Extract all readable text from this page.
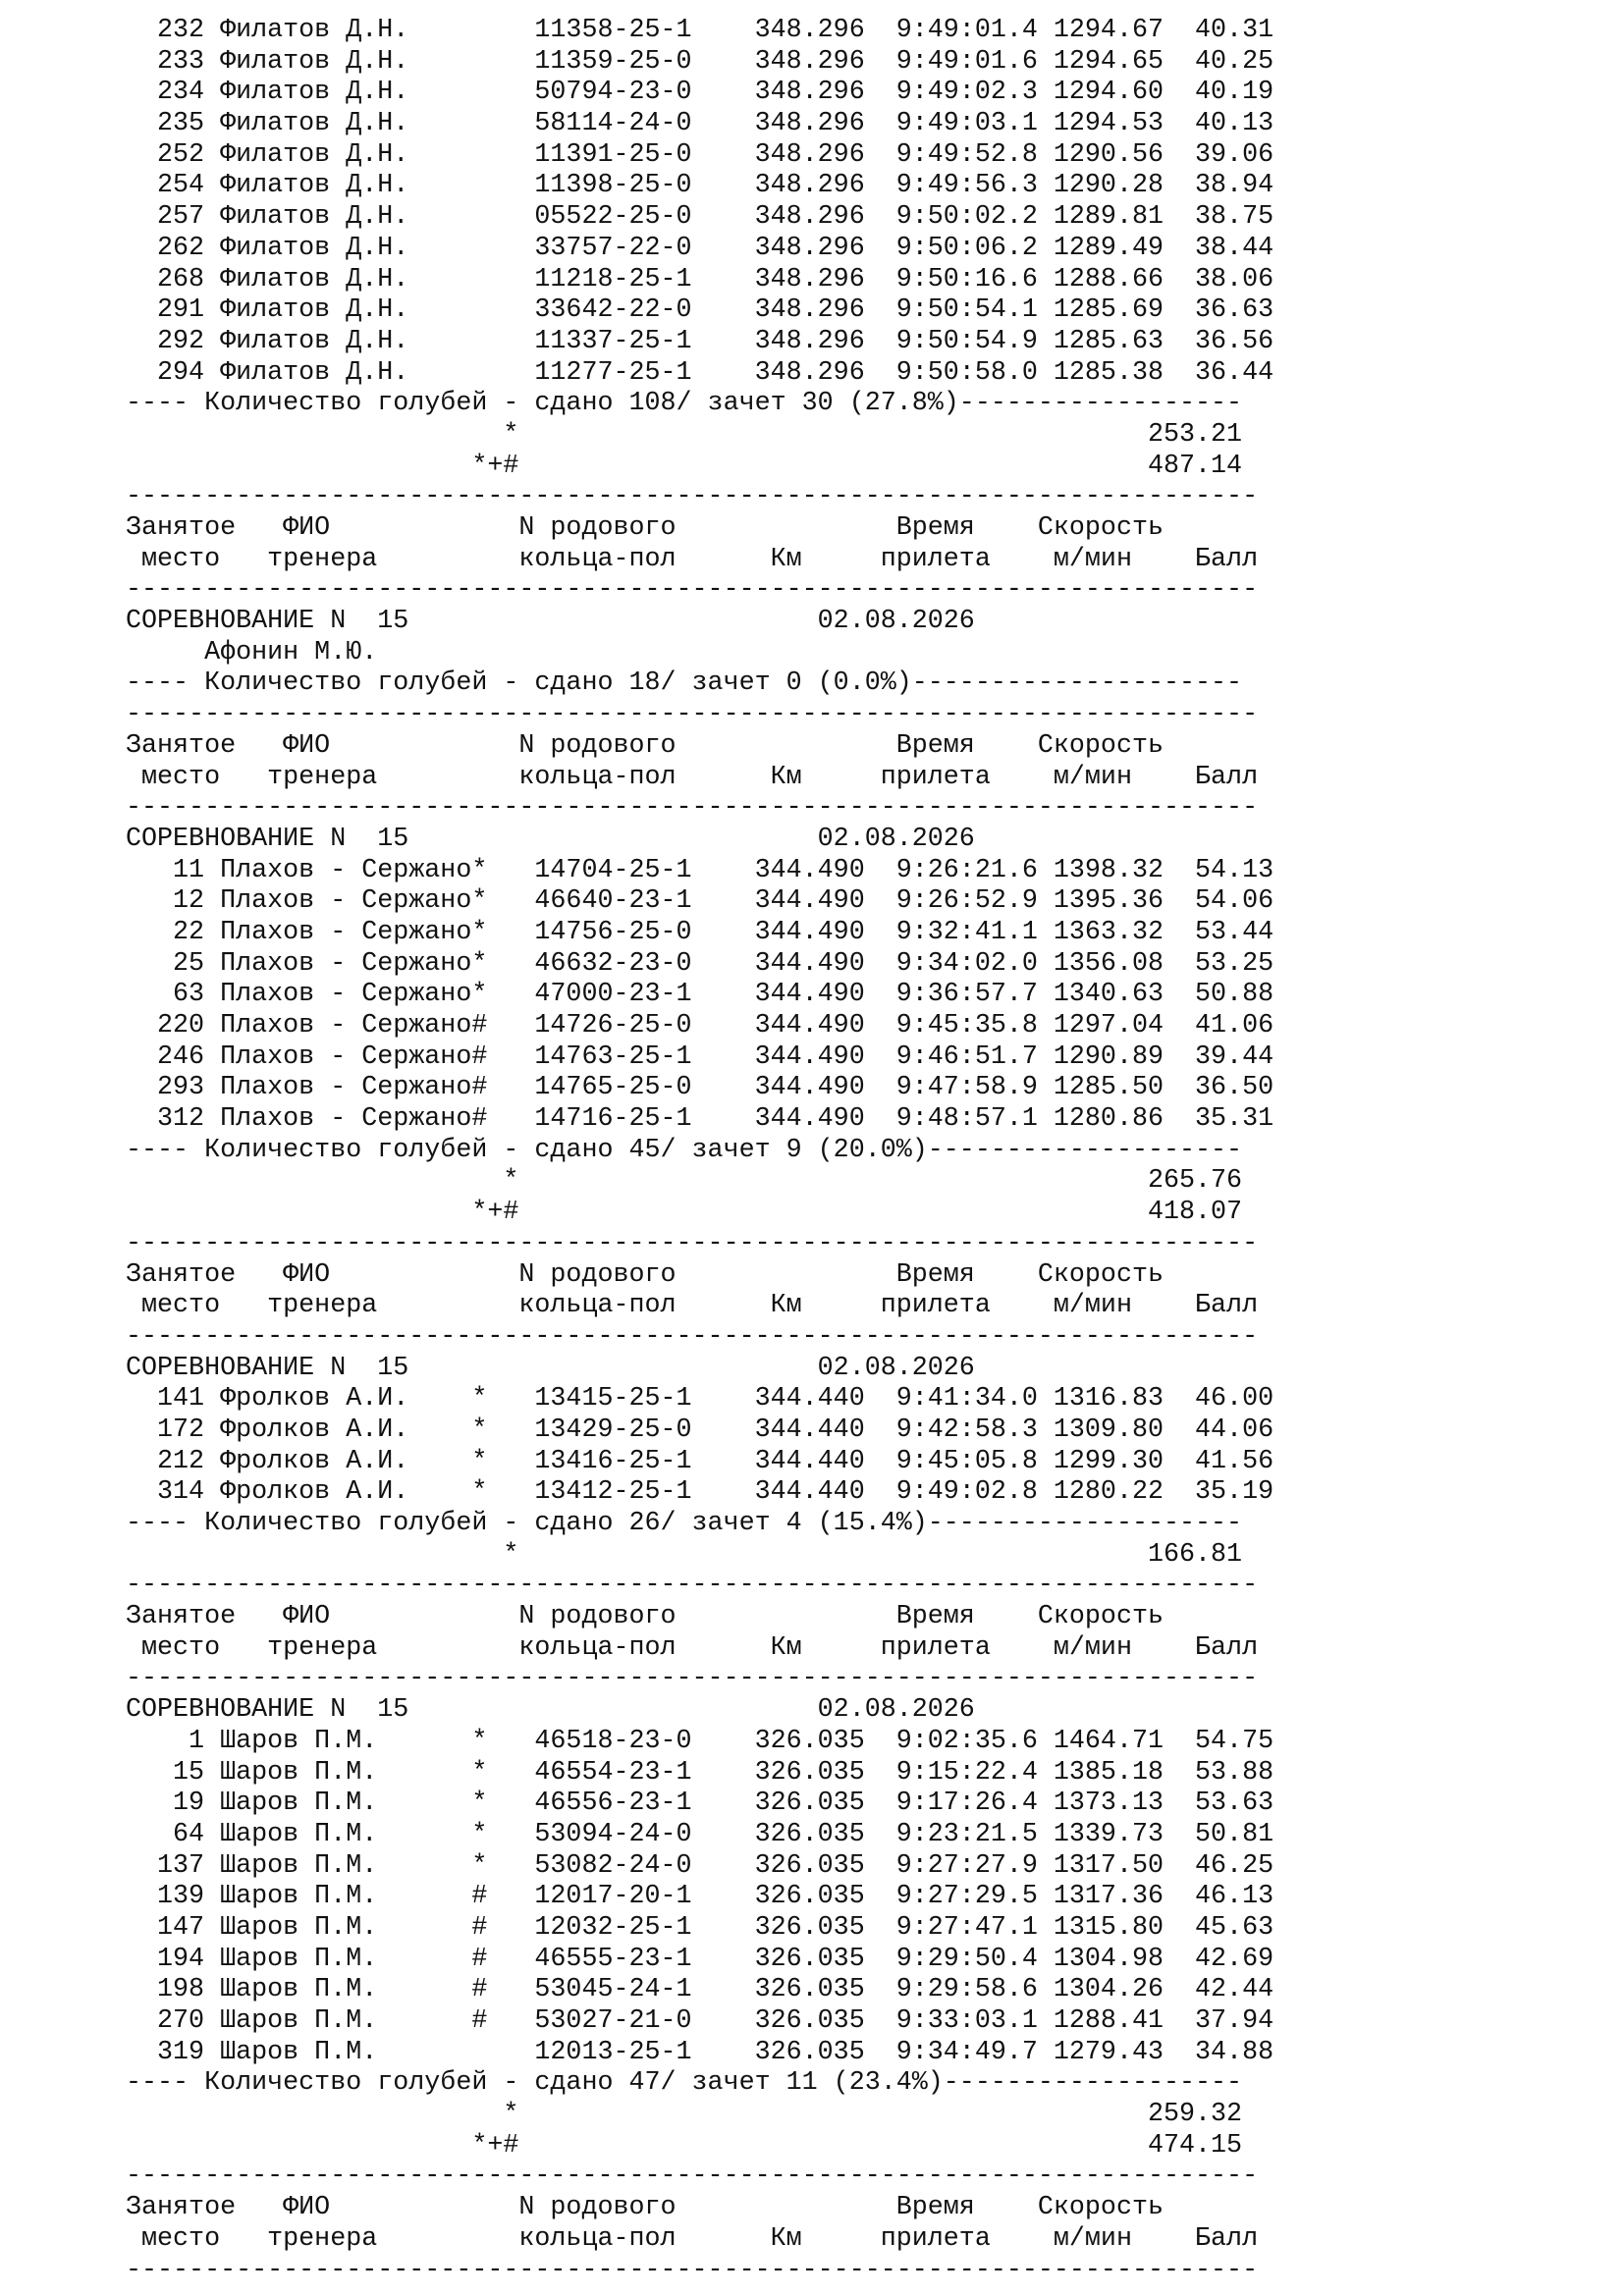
232 Филатов Д.Н.        11358-25-1    348.296  9:49:01.4 1294.67  40.31
233 Филатов Д.Н.        11359-25-0    348.296  9:49:01.6 1294.65  40.25
234 Филатов Д.Н.        50794-23-0    348.296  9:49:02.3 1294.60  40.19
235 Филатов Д.Н.        58114-24-0    348.296  9:49:03.1 1294.53  40.13
252 Филатов Д.Н.        11391-25-0    348.296  9:49:52.8 1290.56  39.06
254 Филатов Д.Н.        11398-25-0    348.296  9:49:56.3 1290.28  38.94
257 Филатов Д.Н.        05522-25-0    348.296  9:50:02.2 1289.81  38.75
262 Филатов Д.Н.        33757-22-0    348.296  9:50:06.2 1289.49  38.44
268 Филатов Д.Н.        11218-25-1    348.296  9:50:16.6 1288.66  38.06
291 Филатов Д.Н.        33642-22-0    348.296  9:50:54.1 1285.69  36.63
292 Филатов Д.Н.        11337-25-1    348.296  9:50:54.9 1285.63  36.56
294 Филатов Д.Н.        11277-25-1    348.296  9:50:58.0 1285.38  36.44
---- Количество голубей - сдано 108/ зачет 30 (27.8%)------------------
*                                        253.21
*+#                                        487.14
------------------------------------------------------------------------
Занятое   ФИО            N родового              Время    Скорость
место   тренера         кольца-пол      Км     прилета    м/мин    Балл
------------------------------------------------------------------------
СОРЕВНОВАНИЕ N  15                          02.08.2026
Афонин М.Ю.
---- Количество голубей - сдано 18/ зачет 0 (0.0%)---------------------
------------------------------------------------------------------------
Занятое   ФИО            N родового              Время    Скорость
место   тренера         кольца-пол      Км     прилета    м/мин    Балл
------------------------------------------------------------------------
СОРЕВНОВАНИЕ N  15                          02.08.2026
11 Плахов - Сержано*   14704-25-1    344.490  9:26:21.6 1398.32  54.13
12 Плахов - Сержано*   46640-23-1    344.490  9:26:52.9 1395.36  54.06
22 Плахов - Сержано*   14756-25-0    344.490  9:32:41.1 1363.32  53.44
25 Плахов - Сержано*   46632-23-0    344.490  9:34:02.0 1356.08  53.25
63 Плахов - Сержано*   47000-23-1    344.490  9:36:57.7 1340.63  50.88
220 Плахов - Сержано#   14726-25-0    344.490  9:45:35.8 1297.04  41.06
246 Плахов - Сержано#   14763-25-1    344.490  9:46:51.7 1290.89  39.44
293 Плахов - Сержано#   14765-25-0    344.490  9:47:58.9 1285.50  36.50
312 Плахов - Сержано#   14716-25-1    344.490  9:48:57.1 1280.86  35.31
---- Количество голубей - сдано 45/ зачет 9 (20.0%)--------------------
*                                        265.76
*+#                                        418.07
------------------------------------------------------------------------
Занятое   ФИО            N родового              Время    Скорость
место   тренера         кольца-пол      Км     прилета    м/мин    Балл
------------------------------------------------------------------------
СОРЕВНОВАНИЕ N  15                          02.08.2026
141 Фролков А.И.    *   13415-25-1    344.440  9:41:34.0 1316.83  46.00
172 Фролков А.И.    *   13429-25-0    344.440  9:42:58.3 1309.80  44.06
212 Фролков А.И.    *   13416-25-1    344.440  9:45:05.8 1299.30  41.56
314 Фролков А.И.    *   13412-25-1    344.440  9:49:02.8 1280.22  35.19
---- Количество голубей - сдано 26/ зачет 4 (15.4%)--------------------
*                                        166.81
------------------------------------------------------------------------
Занятое   ФИО            N родового              Время    Скорость
место   тренера         кольца-пол      Км     прилета    м/мин    Балл
------------------------------------------------------------------------
СОРЕВНОВАНИЕ N  15                          02.08.2026
1 Шаров П.М.      *   46518-23-0    326.035  9:02:35.6 1464.71  54.75
15 Шаров П.М.      *   46554-23-1    326.035  9:15:22.4 1385.18  53.88
19 Шаров П.М.      *   46556-23-1    326.035  9:17:26.4 1373.13  53.63
64 Шаров П.М.      *   53094-24-0    326.035  9:23:21.5 1339.73  50.81
137 Шаров П.М.      *   53082-24-0    326.035  9:27:27.9 1317.50  46.25
139 Шаров П.М.      #   12017-20-1    326.035  9:27:29.5 1317.36  46.13
147 Шаров П.М.      #   12032-25-1    326.035  9:27:47.1 1315.80  45.63
194 Шаров П.М.      #   46555-23-1    326.035  9:29:50.4 1304.98  42.69
198 Шаров П.М.      #   53045-24-1    326.035  9:29:58.6 1304.26  42.44
270 Шаров П.М.      #   53027-21-0    326.035  9:33:03.1 1288.41  37.94
319 Шаров П.М.          12013-25-1    326.035  9:34:49.7 1279.43  34.88
---- Количество голубей - сдано 47/ зачет 11 (23.4%)-------------------
*                                        259.32
*+#                                        474.15
------------------------------------------------------------------------
Занятое   ФИО            N родового              Время    Скорость
место   тренера         кольца-пол      Км     прилета    м/мин    Балл
------------------------------------------------------------------------
